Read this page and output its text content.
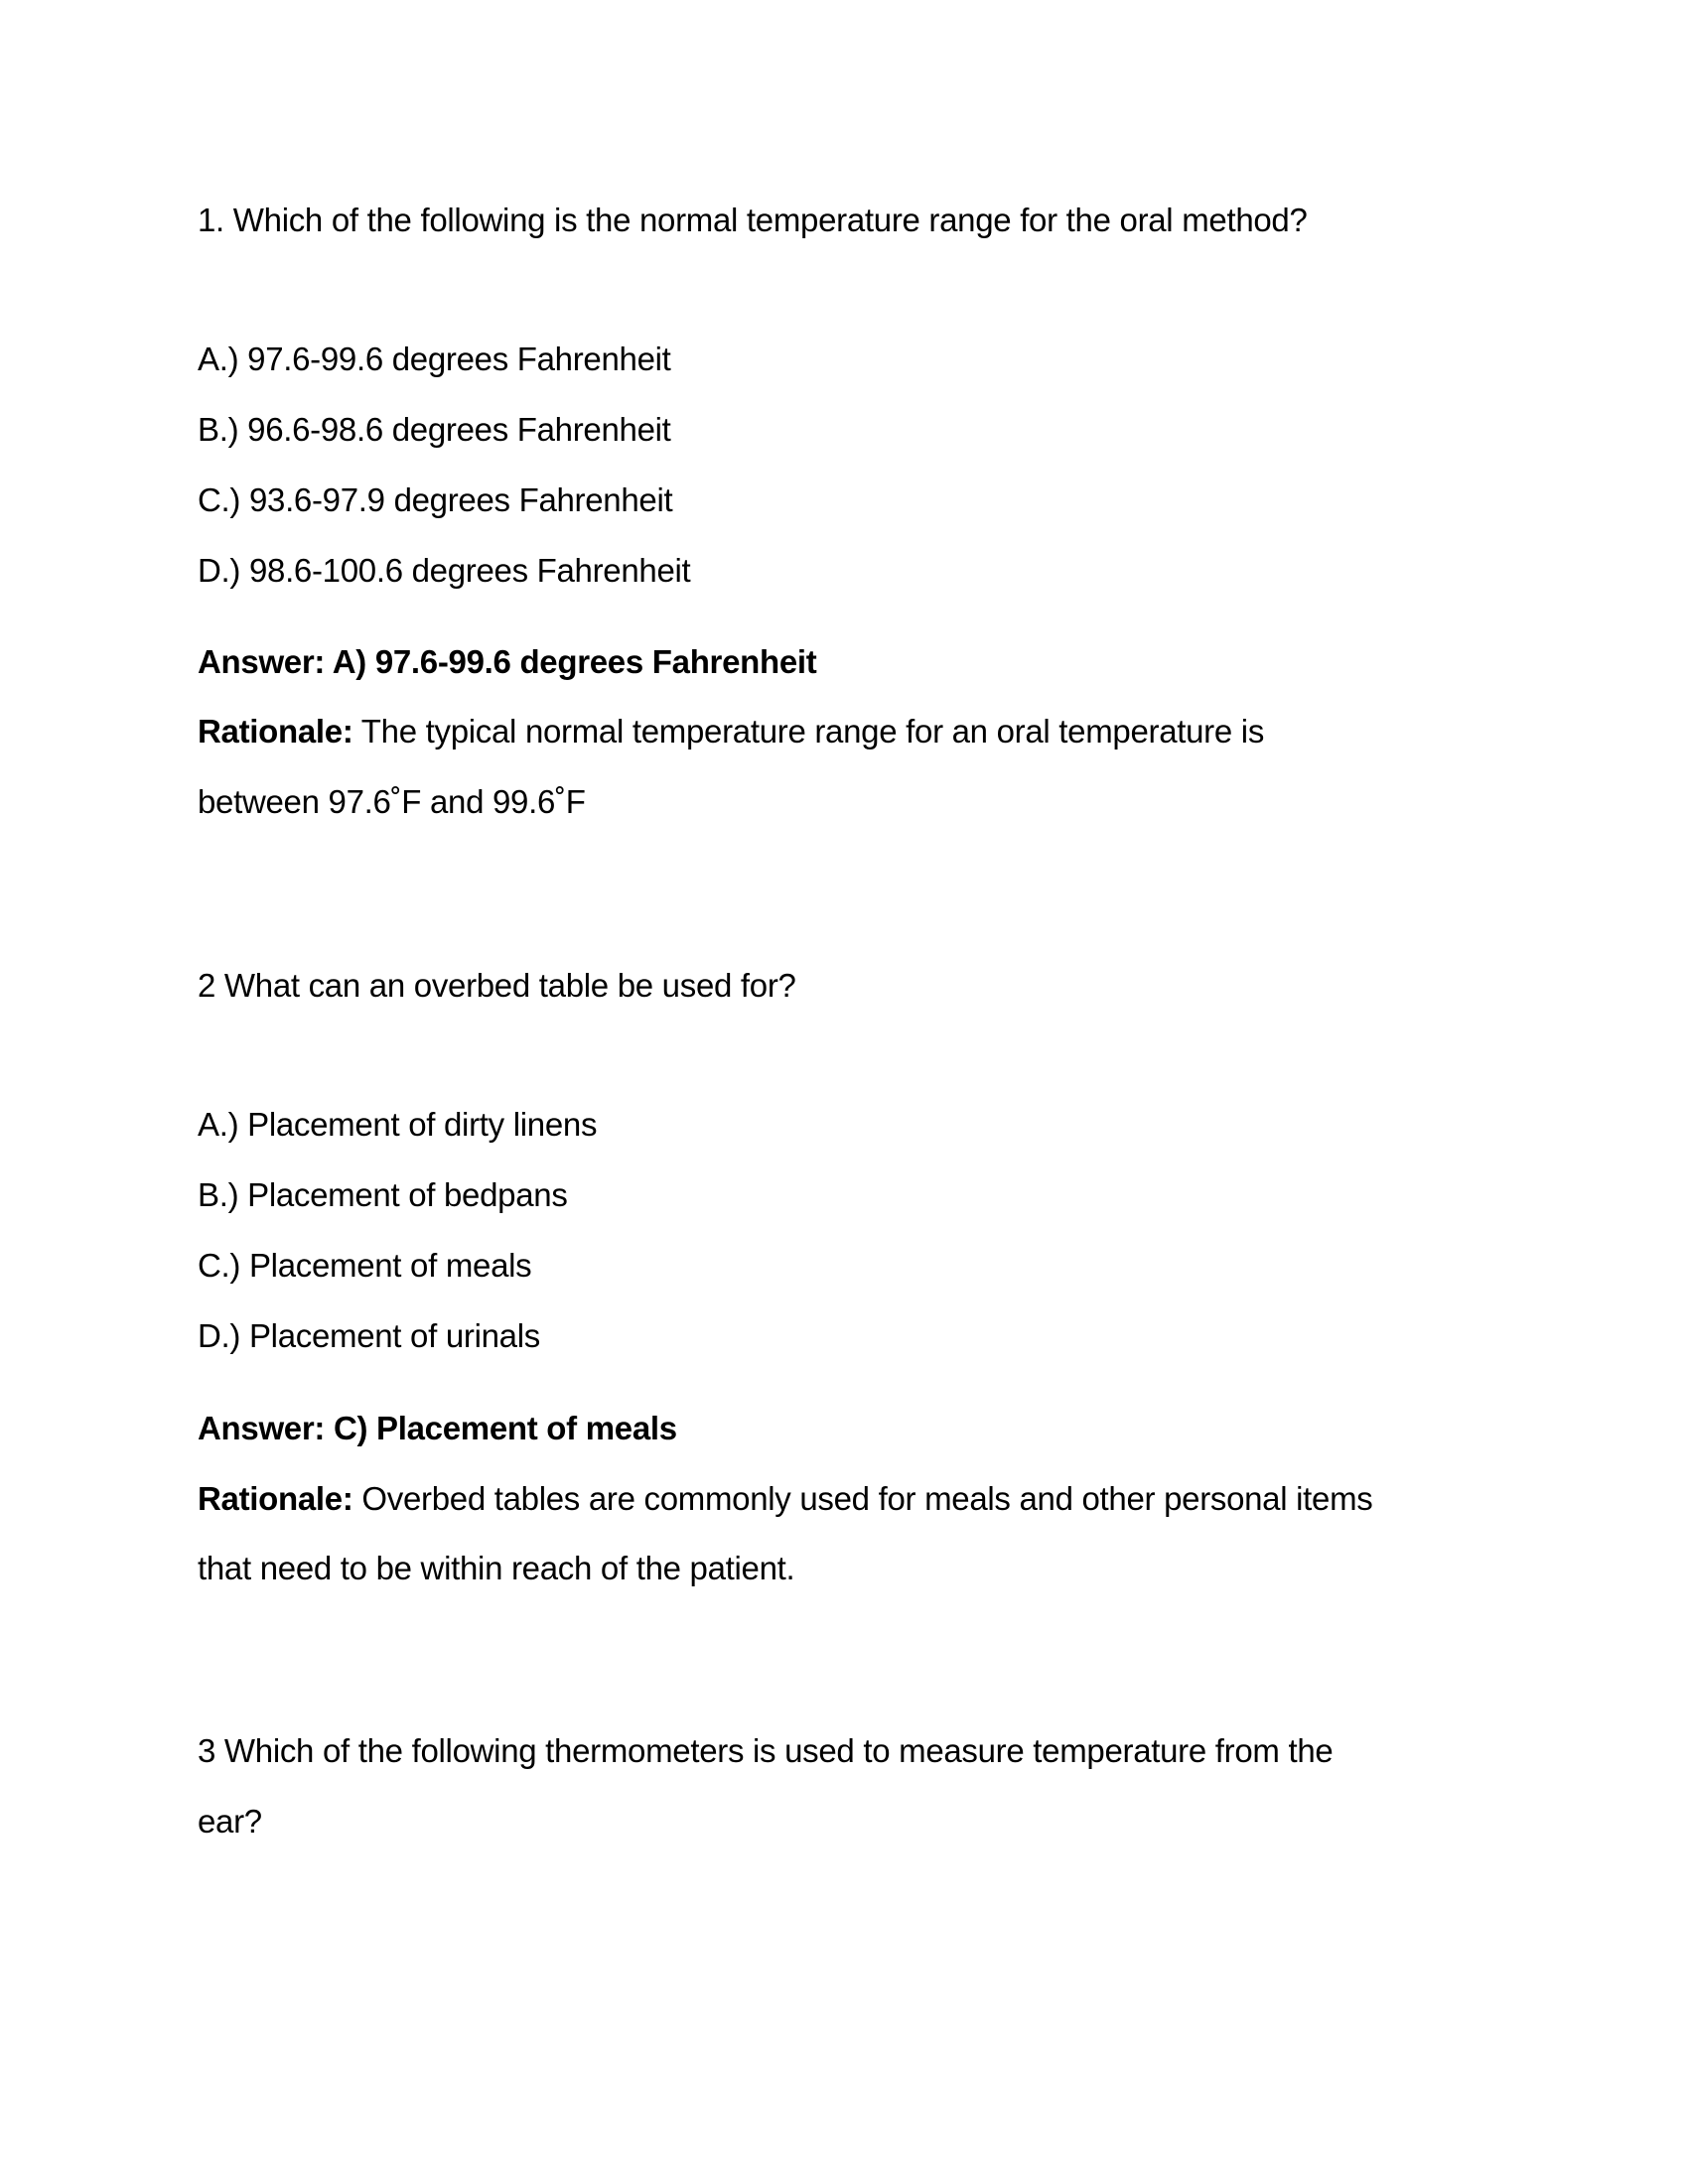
1. Which of the following is the normal temperature range for the oral method?
A.) 97.6-99.6 degrees Fahrenheit
B.) 96.6-98.6 degrees Fahrenheit
C.) 93.6-97.9 degrees Fahrenheit
D.) 98.6-100.6 degrees Fahrenheit
Answer: A) 97.6-99.6 degrees Fahrenheit
Rationale: The typical normal temperature range for an oral temperature is
between 97.6˚F and 99.6˚F
2 What can an overbed table be used for?
A.) Placement of dirty linens
B.) Placement of bedpans
C.) Placement of meals
D.) Placement of urinals
Answer: C) Placement of meals
Rationale: Overbed tables are commonly used for meals and other personal items
that need to be within reach of the patient.
3 Which of the following thermometers is used to measure temperature from the
ear?
